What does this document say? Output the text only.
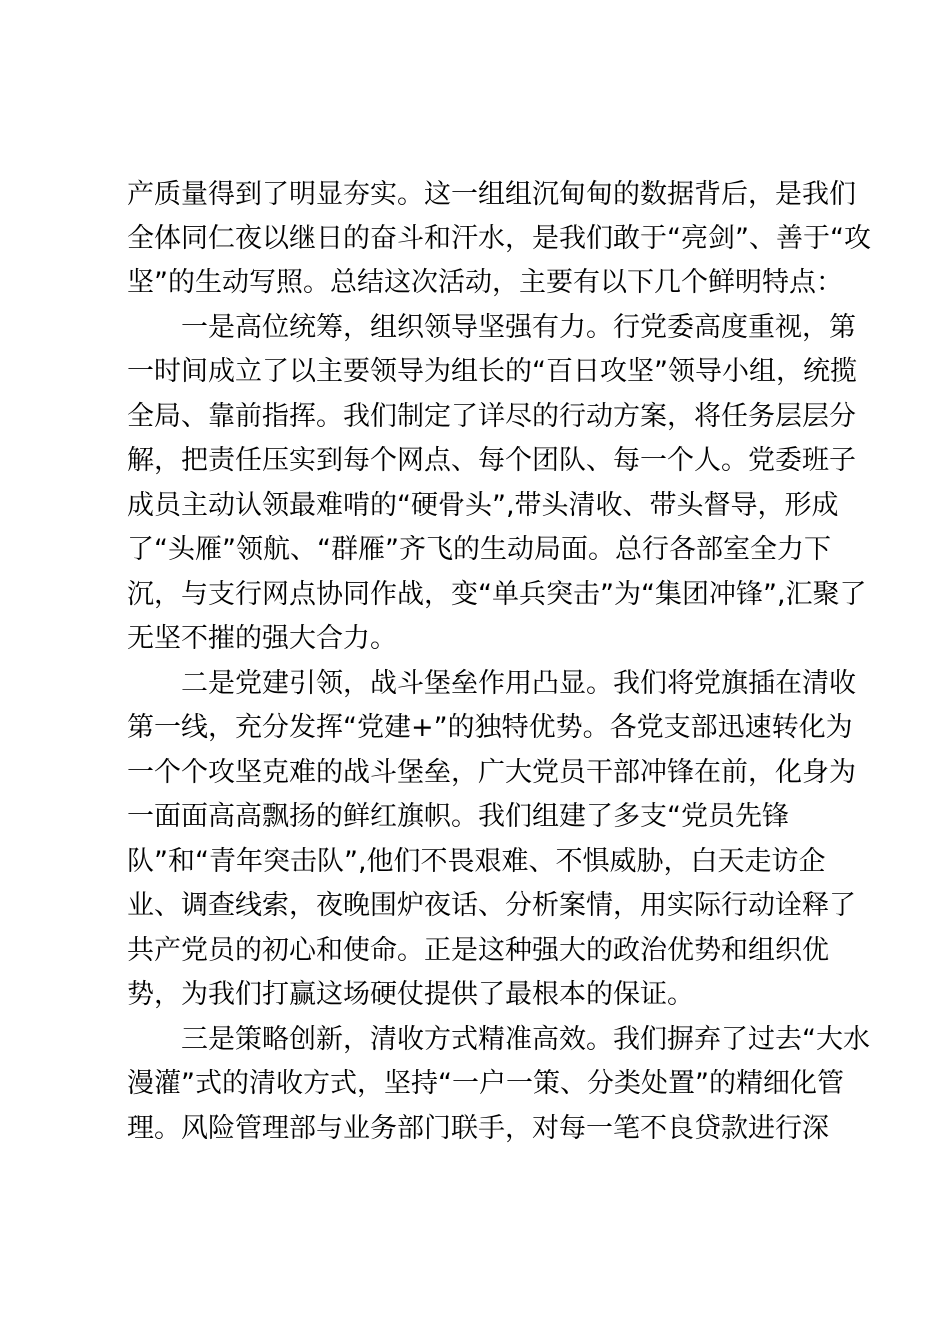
产质量得到了明显夯实。这一组组沉甸甸的数据背后，是我们
全体同仁夜以继日的奋斗和汗水，是我们敢于“亮剑”、善于“攻
坚”的生动写照。总结这次活动，主要有以下几个鲜明特点：
一是高位统筹，组织领导坚强有力。行党委高度重视，第
一时间成立了以主要领导为组长的“百日攻坚”领导小组，统揽
全局、靠前指挥。我们制定了详尽的行动方案，将任务层层分
解，把责任压实到每个网点、每个团队、每一个人。党委班子
成员主动认领最难啃的“硬骨头”,带头清收、带头督导，形成
了“头雁”领航、“群雁”齐飞的生动局面。总行各部室全力下
沉，与支行网点协同作战，变“单兵突击”为“集团冲锋”,汇聚了
无坚不摧的强大合力。
二是党建引领，战斗堡垒作用凸显。我们将党旗插在清收
第一线，充分发挥“党建+”的独特优势。各党支部迅速转化为
一个个攻坚克难的战斗堡垒，广大党员干部冲锋在前，化身为
一面面高高飘扬的鲜红旗帜。我们组建了多支“党员先锋
队”和“青年突击队”,他们不畏艰难、不惧威胁，白天走访企
业、调查线索，夜晚围炉夜话、分析案情，用实际行动诠释了
共产党员的初心和使命。正是这种强大的政治优势和组织优
势，为我们打赢这场硬仗提供了最根本的保证。
三是策略创新，清收方式精准高效。我们摒弃了过去“大水
漫灌”式的清收方式，坚持“一户一策、分类处置”的精细化管
理。风险管理部与业务部门联手，对每一笔不良贷款进行深
